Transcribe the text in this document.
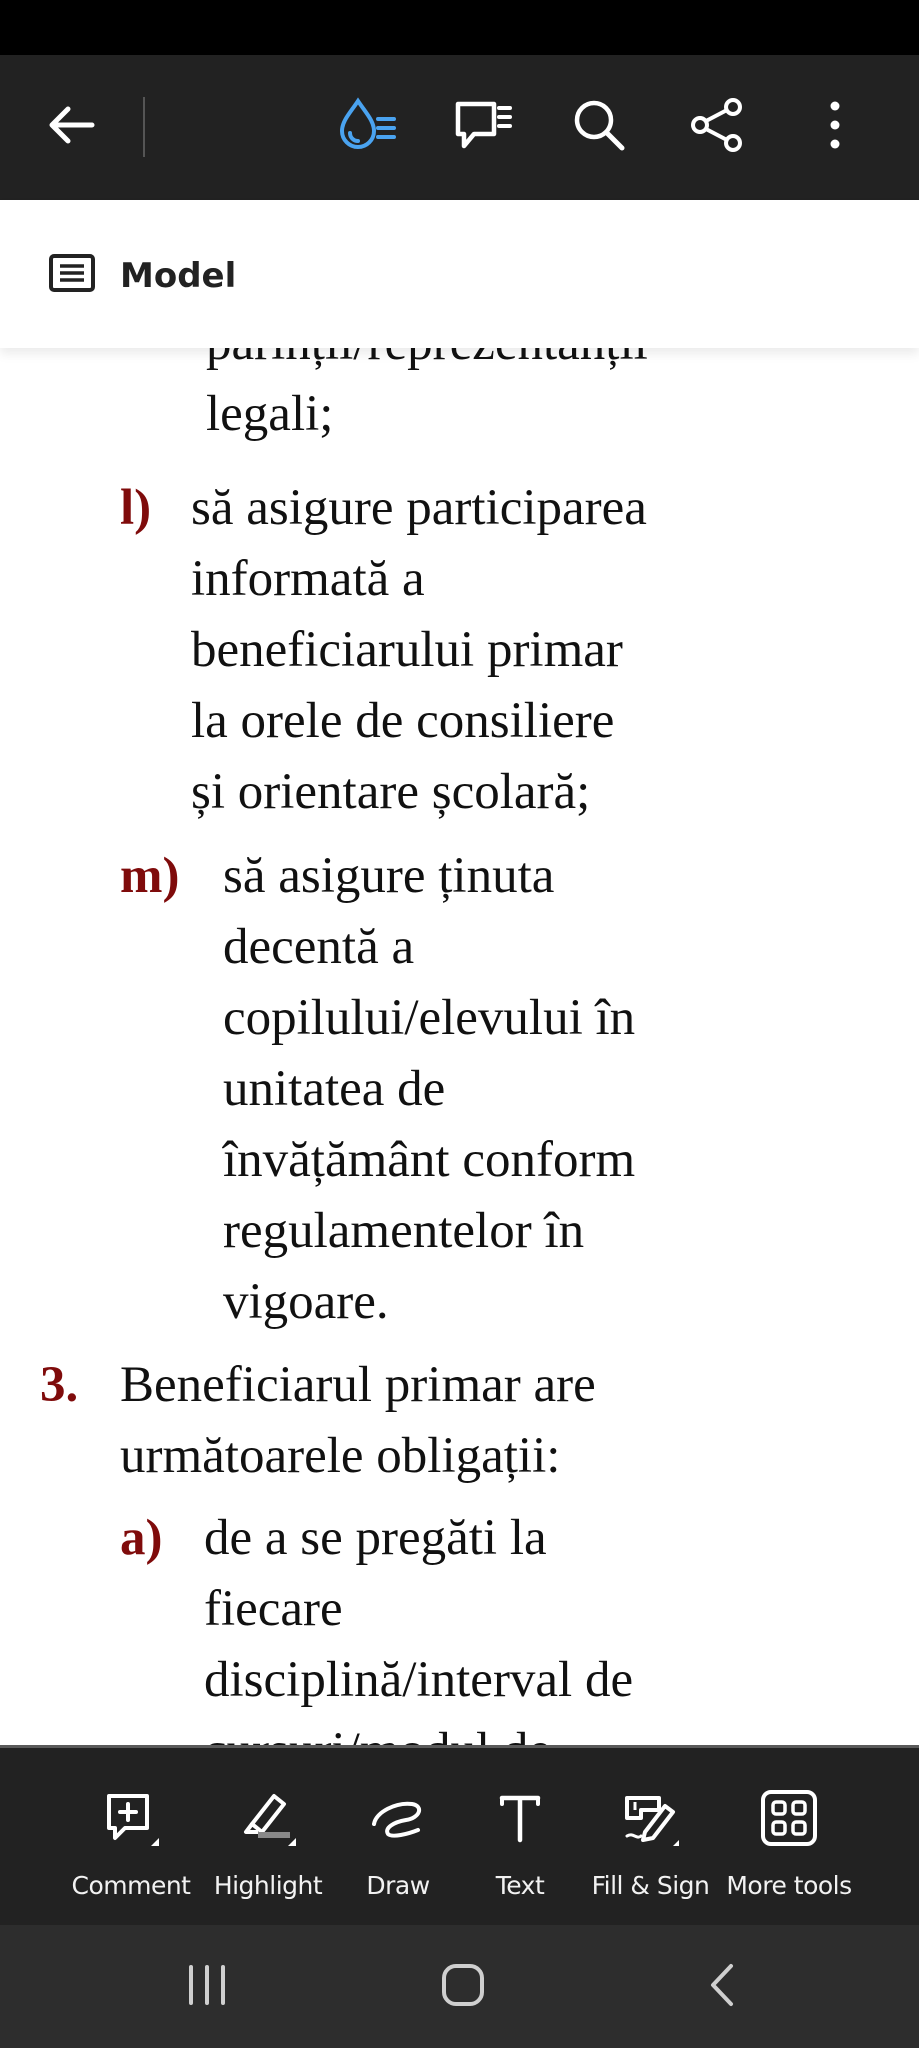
Model
legali;
l) să asigure participarea
informată a
beneficiarului primar
la orele de consiliere
și orientare școlară;
m) să asigure ținuta
decentă a
copilului/elevului în
unitatea de
învățământ conform
regulamentelor în
vigoare.
3. Beneficiarul primar are
următoarele obligații:
a) de a se pregăti la
fiecare
disciplină/interval de
Comment Highlight	Draw	Text	Fill & Sign More tools
